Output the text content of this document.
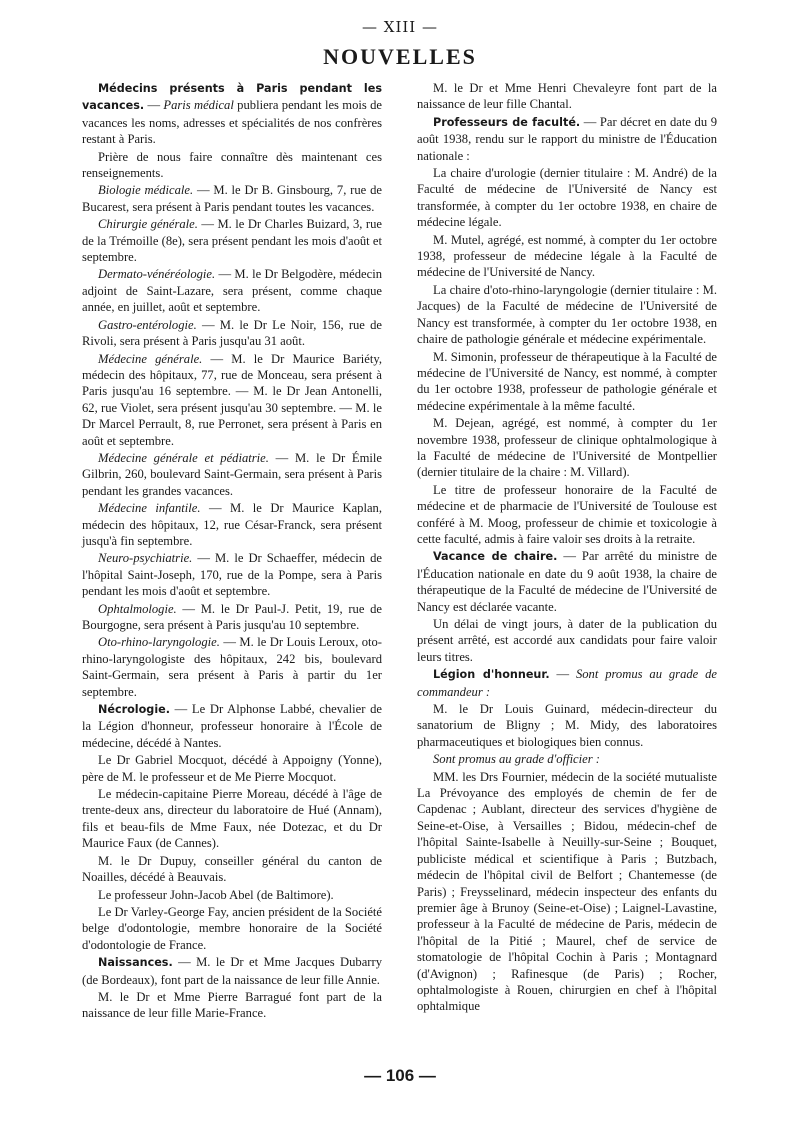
— XIII —
NOUVELLES

Médecins présents à Paris pendant les vacances. — Paris médical publiera pendant les mois de vacances les noms, adresses et spécialités de nos confrères restant à Paris.

Prière de nous faire connaître dès maintenant ces renseignements.

Biologie médicale. — M. le Dr B. Ginsbourg, 7, rue de Bucarest, sera présent à Paris pendant toutes les vacances.

Chirurgie générale. — M. le Dr Charles Buizard, 3, rue de la Trémoille (8e), sera présent pendant les mois d'août et septembre.

Dermato-vénéréologie. — M. le Dr Belgodère, médecin adjoint de Saint-Lazare, sera présent, comme chaque année, en juillet, août et septembre.

Gastro-entérologie. — M. le Dr Le Noir, 156, rue de Rivoli, sera présent à Paris jusqu'au 31 août.

Médecine générale. — M. le Dr Maurice Bariéty, médecin des hôpitaux, 77, rue de Monceau, sera présent à Paris jusqu'au 16 septembre. — M. le Dr Jean Antonelli, 62, rue Violet, sera présent jusqu'au 30 septembre. — M. le Dr Marcel Perrault, 8, rue Perronet, sera présent à Paris en août et septembre.

Médecine générale et pédiatrie. — M. le Dr Émile Gilbrin, 260, boulevard Saint-Germain, sera présent à Paris pendant les grandes vacances.

Médecine infantile. — M. le Dr Maurice Kaplan, médecin des hôpitaux, 12, rue César-Franck, sera présent jusqu'à fin septembre.

Neuro-psychiatrie. — M. le Dr Schaeffer, médecin de l'hôpital Saint-Joseph, 170, rue de la Pompe, sera à Paris pendant les mois d'août et septembre.

Ophtalmologie. — M. le Dr Paul-J. Petit, 19, rue de Bourgogne, sera présent à Paris jusqu'au 10 septembre.

Oto-rhino-laryngologie. — M. le Dr Louis Leroux, oto-rhino-laryngologiste des hôpitaux, 242 bis, boulevard Saint-Germain, sera présent à Paris à partir du 1er septembre.

Nécrologie. — Le Dr Alphonse Labbé, chevalier de la Légion d'honneur, professeur honoraire à l'École de médecine, décédé à Nantes.

Le Dr Gabriel Mocquot, décédé à Appoigny (Yonne), père de M. le professeur et de Me Pierre Mocquot.

Le médecin-capitaine Pierre Moreau, décédé à l'âge de trente-deux ans, directeur du laboratoire de Hué (Annam), fils et beau-fils de Mme Faux, née Dotezac, et du Dr Maurice Faux (de Cannes).

M. le Dr Dupuy, conseiller général du canton de Noailles, décédé à Beauvais.

Le professeur John-Jacob Abel (de Baltimore).

Le Dr Varley-George Fay, ancien président de la Société belge d'odontologie, membre honoraire de la Société d'odontologie de France.

Naissances. — M. le Dr et Mme Jacques Dubarry (de Bordeaux), font part de la naissance de leur fille Annie.

M. le Dr et Mme Pierre Barragué font part de la naissance de leur fille Marie-France.

M. le Dr et Mme Henri Chevaleyre font part de la naissance de leur fille Chantal.

Professeurs de faculté. — Par décret en date du 9 août 1938, rendu sur le rapport du ministre de l'Éducation nationale :

La chaire d'urologie (dernier titulaire : M. André) de la Faculté de médecine de l'Université de Nancy est transformée, à compter du 1er octobre 1938, en chaire de médecine légale.

M. Mutel, agrégé, est nommé, à compter du 1er octobre 1938, professeur de médecine légale à la Faculté de médecine de l'Université de Nancy.

La chaire d'oto-rhino-laryngologie (dernier titulaire : M. Jacques) de la Faculté de médecine de l'Université de Nancy est transformée, à compter du 1er octobre 1938, en chaire de pathologie générale et médecine expérimentale.

M. Simonin, professeur de thérapeutique à la Faculté de médecine de l'Université de Nancy, est nommé, à compter du 1er octobre 1938, professeur de pathologie générale et médecine expérimentale à la même faculté.

M. Dejean, agrégé, est nommé, à compter du 1er novembre 1938, professeur de clinique ophtalmologique à la Faculté de médecine de l'Université de Montpellier (dernier titulaire de la chaire : M. Villard).

Le titre de professeur honoraire de la Faculté de médecine et de pharmacie de l'Université de Toulouse est conféré à M. Moog, professeur de chimie et toxicologie à cette faculté, admis à faire valoir ses droits à la retraite.

Vacance de chaire. — Par arrêté du ministre de l'Éducation nationale en date du 9 août 1938, la chaire de thérapeutique de la Faculté de médecine de l'Université de Nancy est déclarée vacante.

Un délai de vingt jours, à dater de la publication du présent arrêté, est accordé aux candidats pour faire valoir leurs titres.

Légion d'honneur. — Sont promus au grade de commandeur :

M. le Dr Louis Guinard, médecin-directeur du sanatorium de Bligny ; M. Midy, des laboratoires pharmaceutiques et biologiques bien connus.

Sont promus au grade d'officier :

MM. les Drs Fournier, médecin de la société mutualiste La Prévoyance des employés de chemin de fer de Capdenac ; Aublant, directeur des services d'hygiène de Seine-et-Oise, à Versailles ; Bidou, médecin-chef de l'hôpital Sainte-Isabelle à Neuilly-sur-Seine ; Bouquet, publiciste médical et scientifique à Paris ; Butzbach, médecin de l'hôpital civil de Belfort ; Chantemesse (de Paris) ; Freysselinard, médecin inspecteur des enfants du premier âge à Brunoy (Seine-et-Oise) ; Laignel-Lavastine, professeur à la Faculté de médecine de Paris, médecin de l'hôpital de la Pitié ; Maurel, chef de service de stomatologie de l'hôpital Cochin à Paris ; Montagnard (d'Avignon) ; Rafinesque (de Paris) ; Rocher, ophtalmologiste à Rouen, chirurgien en chef à l'hôpital ophtalmique

— 106 —
